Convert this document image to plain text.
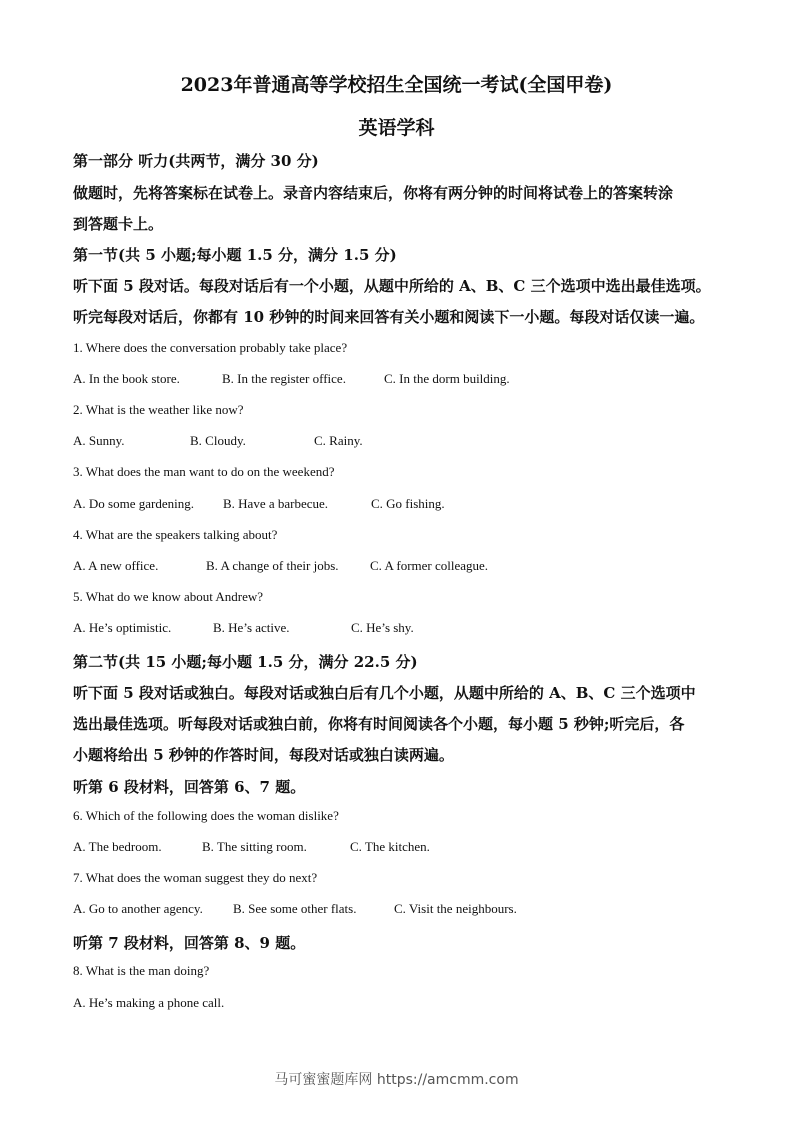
2023年普通高等学校招生全国统一考试(全国甲卷)
英语学科
第一部分 听力(共两节，满分 30 分)
做题时，先将答案标在试卷上。录音内容结束后，你将有两分钟的时间将试卷上的答案转涂
到答题卡上。
第一节(共 5 小题;每小题 1.5 分，满分 1.5 分)
听下面 5 段对话。每段对话后有一个小题，从题中所给的 A、B、C 三个选项中选出最佳选项。
听完每段对话后，你都有 10 秒钟的时间来回答有关小题和阅读下一小题。每段对话仅读一遍。
1. Where does the conversation probably take place?
A. In the book store.	B. In the register office.	C. In the dorm building.
2. What is the weather like now?
A. Sunny.	B. Cloudy.	C. Rainy.
3. What does the man want to do on the weekend?
A. Do some gardening. B. Have a barbecue.	C. Go fishing.
4. What are the speakers talking about?
A. A new office.	B. A change of their jobs. C. A former colleague.
5. What do we know about Andrew?
A. He’s optimistic.	B. He’s active.	C. He’s shy.
第二节(共 15 小题;每小题 1.5 分，满分 22.5 分)
听下面 5 段对话或独白。每段对话或独白后有几个小题，从题中所给的 A、B、C 三个选项中
选出最佳选项。听每段对话或独白前，你将有时间阅读各个小题，每小题 5 秒钟;听完后，各
小题将给出 5 秒钟的作答时间，每段对话或独白读两遍。
听第 6 段材料，回答第 6、7 题。
6. Which of the following does the woman dislike?
A. The bedroom.	B. The sitting room.	C. The kitchen.
7. What does the woman suggest they do next?
A. Go to another agency. B. See some other flats.	C. Visit the neighbours.
听第 7 段材料，回答第 8、9 题。
8. What is the man doing?
A. He’s making a phone call.
马可蜜蜜题库网 https://amcmm.com
